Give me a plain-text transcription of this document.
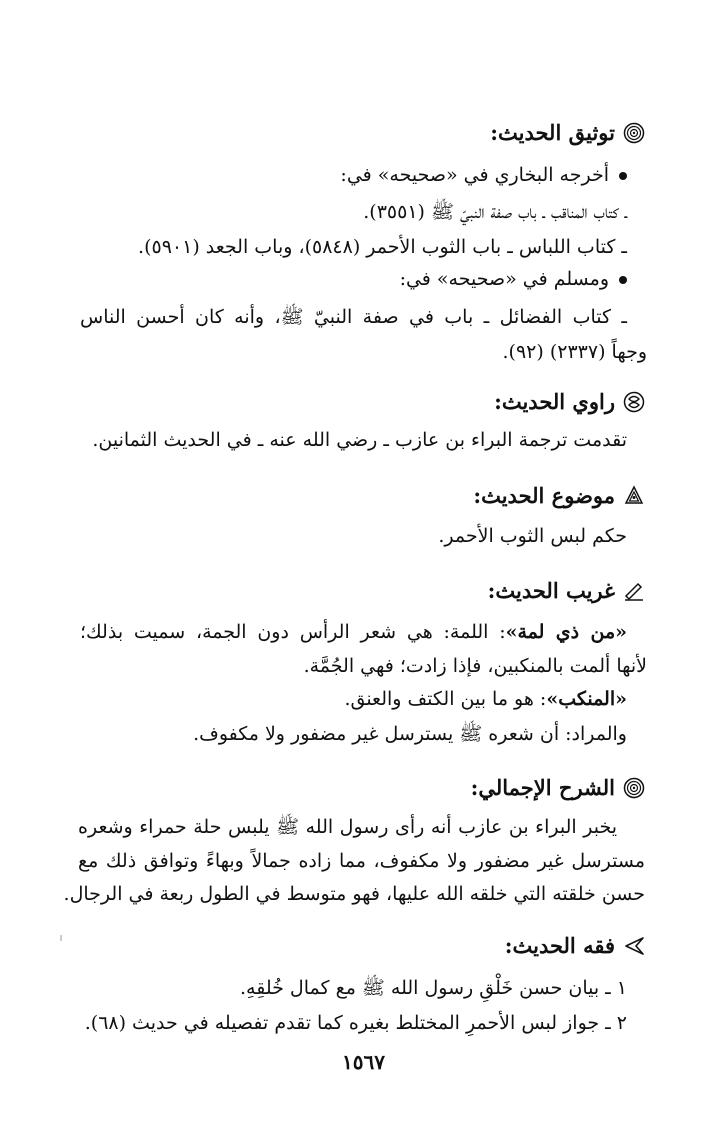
توثيق الحديث:
أخرجه البخاري في «صحيحه» في:
ـ كتاب المناقب ـ باب صفة النبيّ ﷺ (٣٥٥١).
ـ كتاب اللباس ـ باب الثوب الأحمر (٥٨٤٨)، وباب الجعد (٥٩٠١).
ومسلم في «صحيحه» في:
ـ كتاب الفضائل ـ باب في صفة النبيّ ﷺ، وأنه كان أحسن الناس
وجهاً (٢٣٣٧) (٩٢).
راوي الحديث:
تقدمت ترجمة البراء بن عازب ـ رضي الله عنه ـ في الحديث الثمانين.
موضوع الحديث:
حكم لبس الثوب الأحمر.
غريب الحديث:
«من ذي لمة»: اللمة: هي شعر الرأس دون الجمة، سميت بذلك؛
لأنها ألمت بالمنكبين، فإذا زادت؛ فهي الجُمَّة.
«المنكب»: هو ما بين الكتف والعنق.
والمراد: أن شعره ﷺ يسترسل غير مضفور ولا مكفوف.
الشرح الإجمالي:
يخبر البراء بن عازب أنه رأى رسول الله ﷺ يلبس حلة حمراء وشعره
مسترسل غير مضفور ولا مكفوف، مما زاده جمالاً وبهاءً وتوافق ذلك مع
حسن خلقته التي خلقه الله عليها، فهو متوسط في الطول ربعة في الرجال.
فقه الحديث:
١ ـ بيان حسن خَلْقِ رسول الله ﷺ مع كمال خُلقِهِ.
٢ ـ جواز لبس الأحمرِ المختلط بغيره كما تقدم تفصيله في حديث (٦٨).
١٥٦٧
